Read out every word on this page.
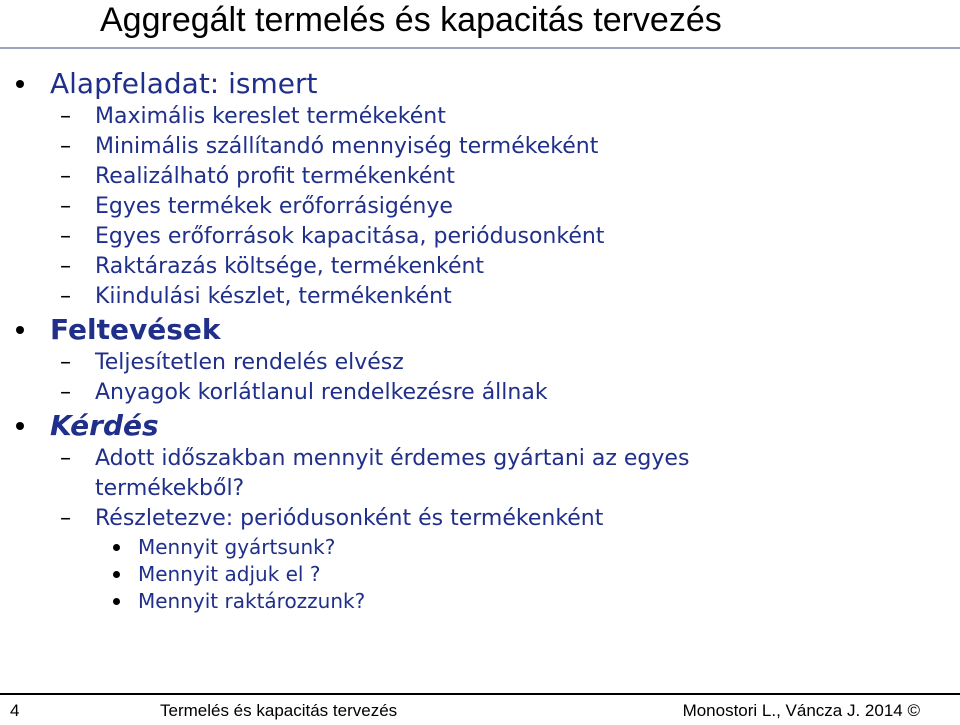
Aggregált termelés és kapacitás tervezés
Alapfeladat: ismert
– Maximális kereslet termékeként
– Minimális szállítandó mennyiség termékeként
– Realizálható profit termékenként
– Egyes termékek erőforrásigénye
– Egyes erőforrások kapacitása, periódusonként
– Raktárazás költsége, termékenként
– Kiindulási készlet, termékenként
Feltevések
– Teljesítetlen rendelés elvész
– Anyagok korlátlanul rendelkezésre állnak
Kérdés
– Adott időszakban mennyit érdemes gyártani az egyes termékekből?
– Részletezve: periódusonként és termékenként
Mennyit gyártsunk?
Mennyit adjuk el ?
Mennyit raktározzunk?
4	Termelés és kapacitás tervezés	Monostori L., Váncza J. 2014 ©
